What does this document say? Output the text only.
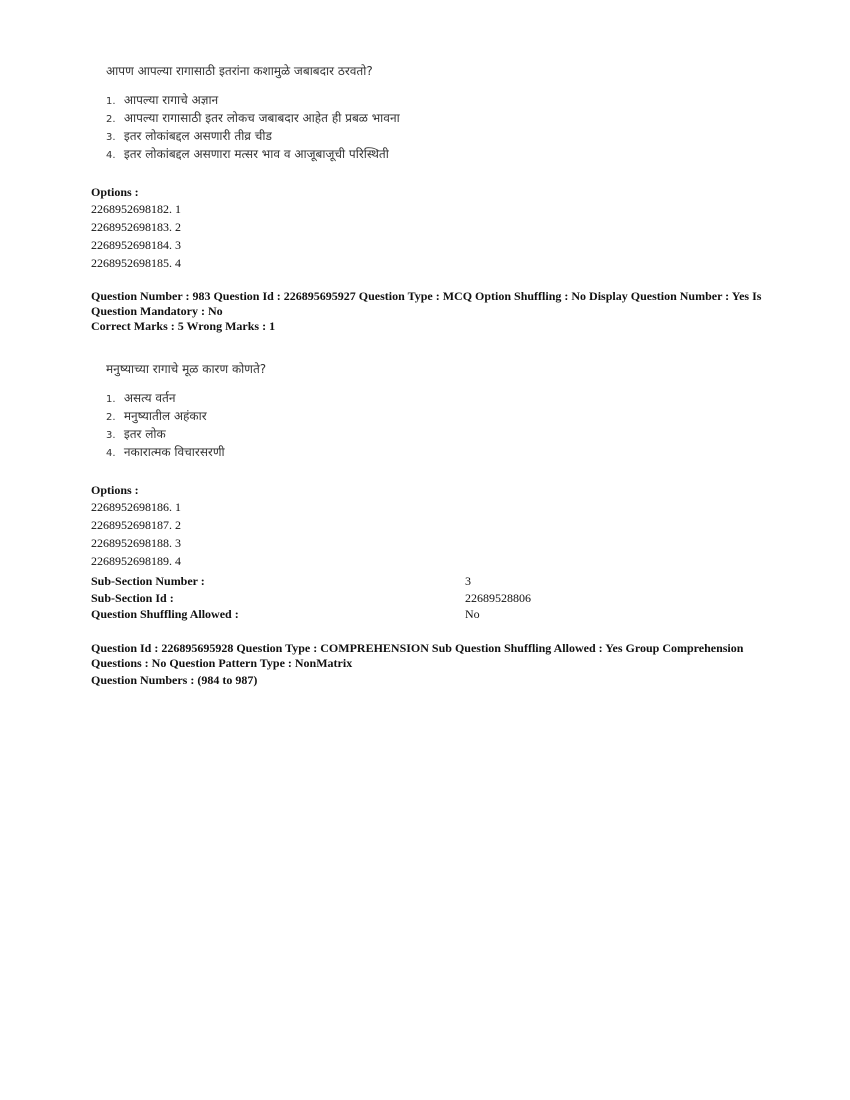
आपण आपल्या रागासाठी इतरांना कशामुळे जबाबदार ठरवतो?
1. आपल्या रागाचे अज्ञान
2. आपल्या रागासाठी इतर लोकच जबाबदार आहेत ही प्रबळ भावना
3. इतर लोकांबद्दल असणारी तीव्र चीड
4. इतर लोकांबद्दल असणारा मत्सर भाव व आजूबाजूची परिस्थिती
Options :
2268952698182. 1
2268952698183. 2
2268952698184. 3
2268952698185. 4
Question Number : 983 Question Id : 226895695927 Question Type : MCQ Option Shuffling : No Display Question Number : Yes Is Question Mandatory : No
Correct Marks : 5 Wrong Marks : 1
मनुष्याच्या रागाचे मूळ कारण कोणते?
1. असत्य वर्तन
2. मनुष्यातील अहंकार
3. इतर लोक
4. नकारात्मक विचारसरणी
Options :
2268952698186. 1
2268952698187. 2
2268952698188. 3
2268952698189. 4
Sub-Section Number :	3
Sub-Section Id :	22689528806
Question Shuffling Allowed :	No
Question Id : 226895695928 Question Type : COMPREHENSION Sub Question Shuffling Allowed : Yes Group Comprehension Questions : No Question Pattern Type : NonMatrix
Question Numbers : (984 to 987)
